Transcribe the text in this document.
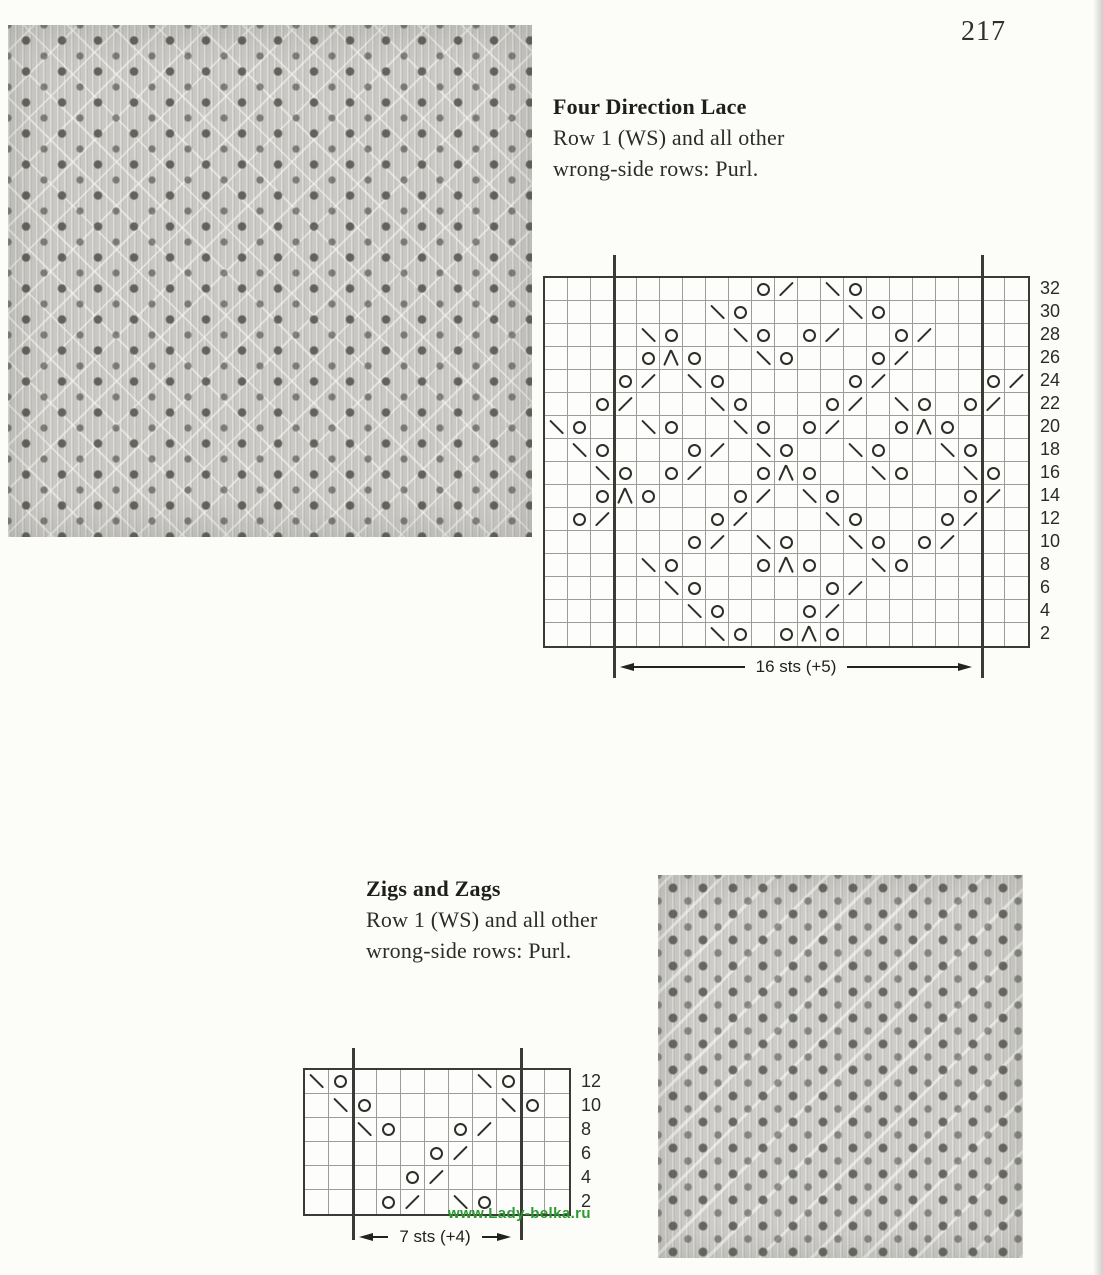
217
Four Direction Lace
Row 1 (WS) and all other
wrong-side rows: Purl.
32
30
28
26
24
22
20
18
16
14
12
10
8
6
4
2
16 sts (+5)
Zigs and Zags
Row 1 (WS) and all other
wrong-side rows: Purl.
12
10
8
6
4
2
7 sts (+4)
www.Lady-belka.ru
